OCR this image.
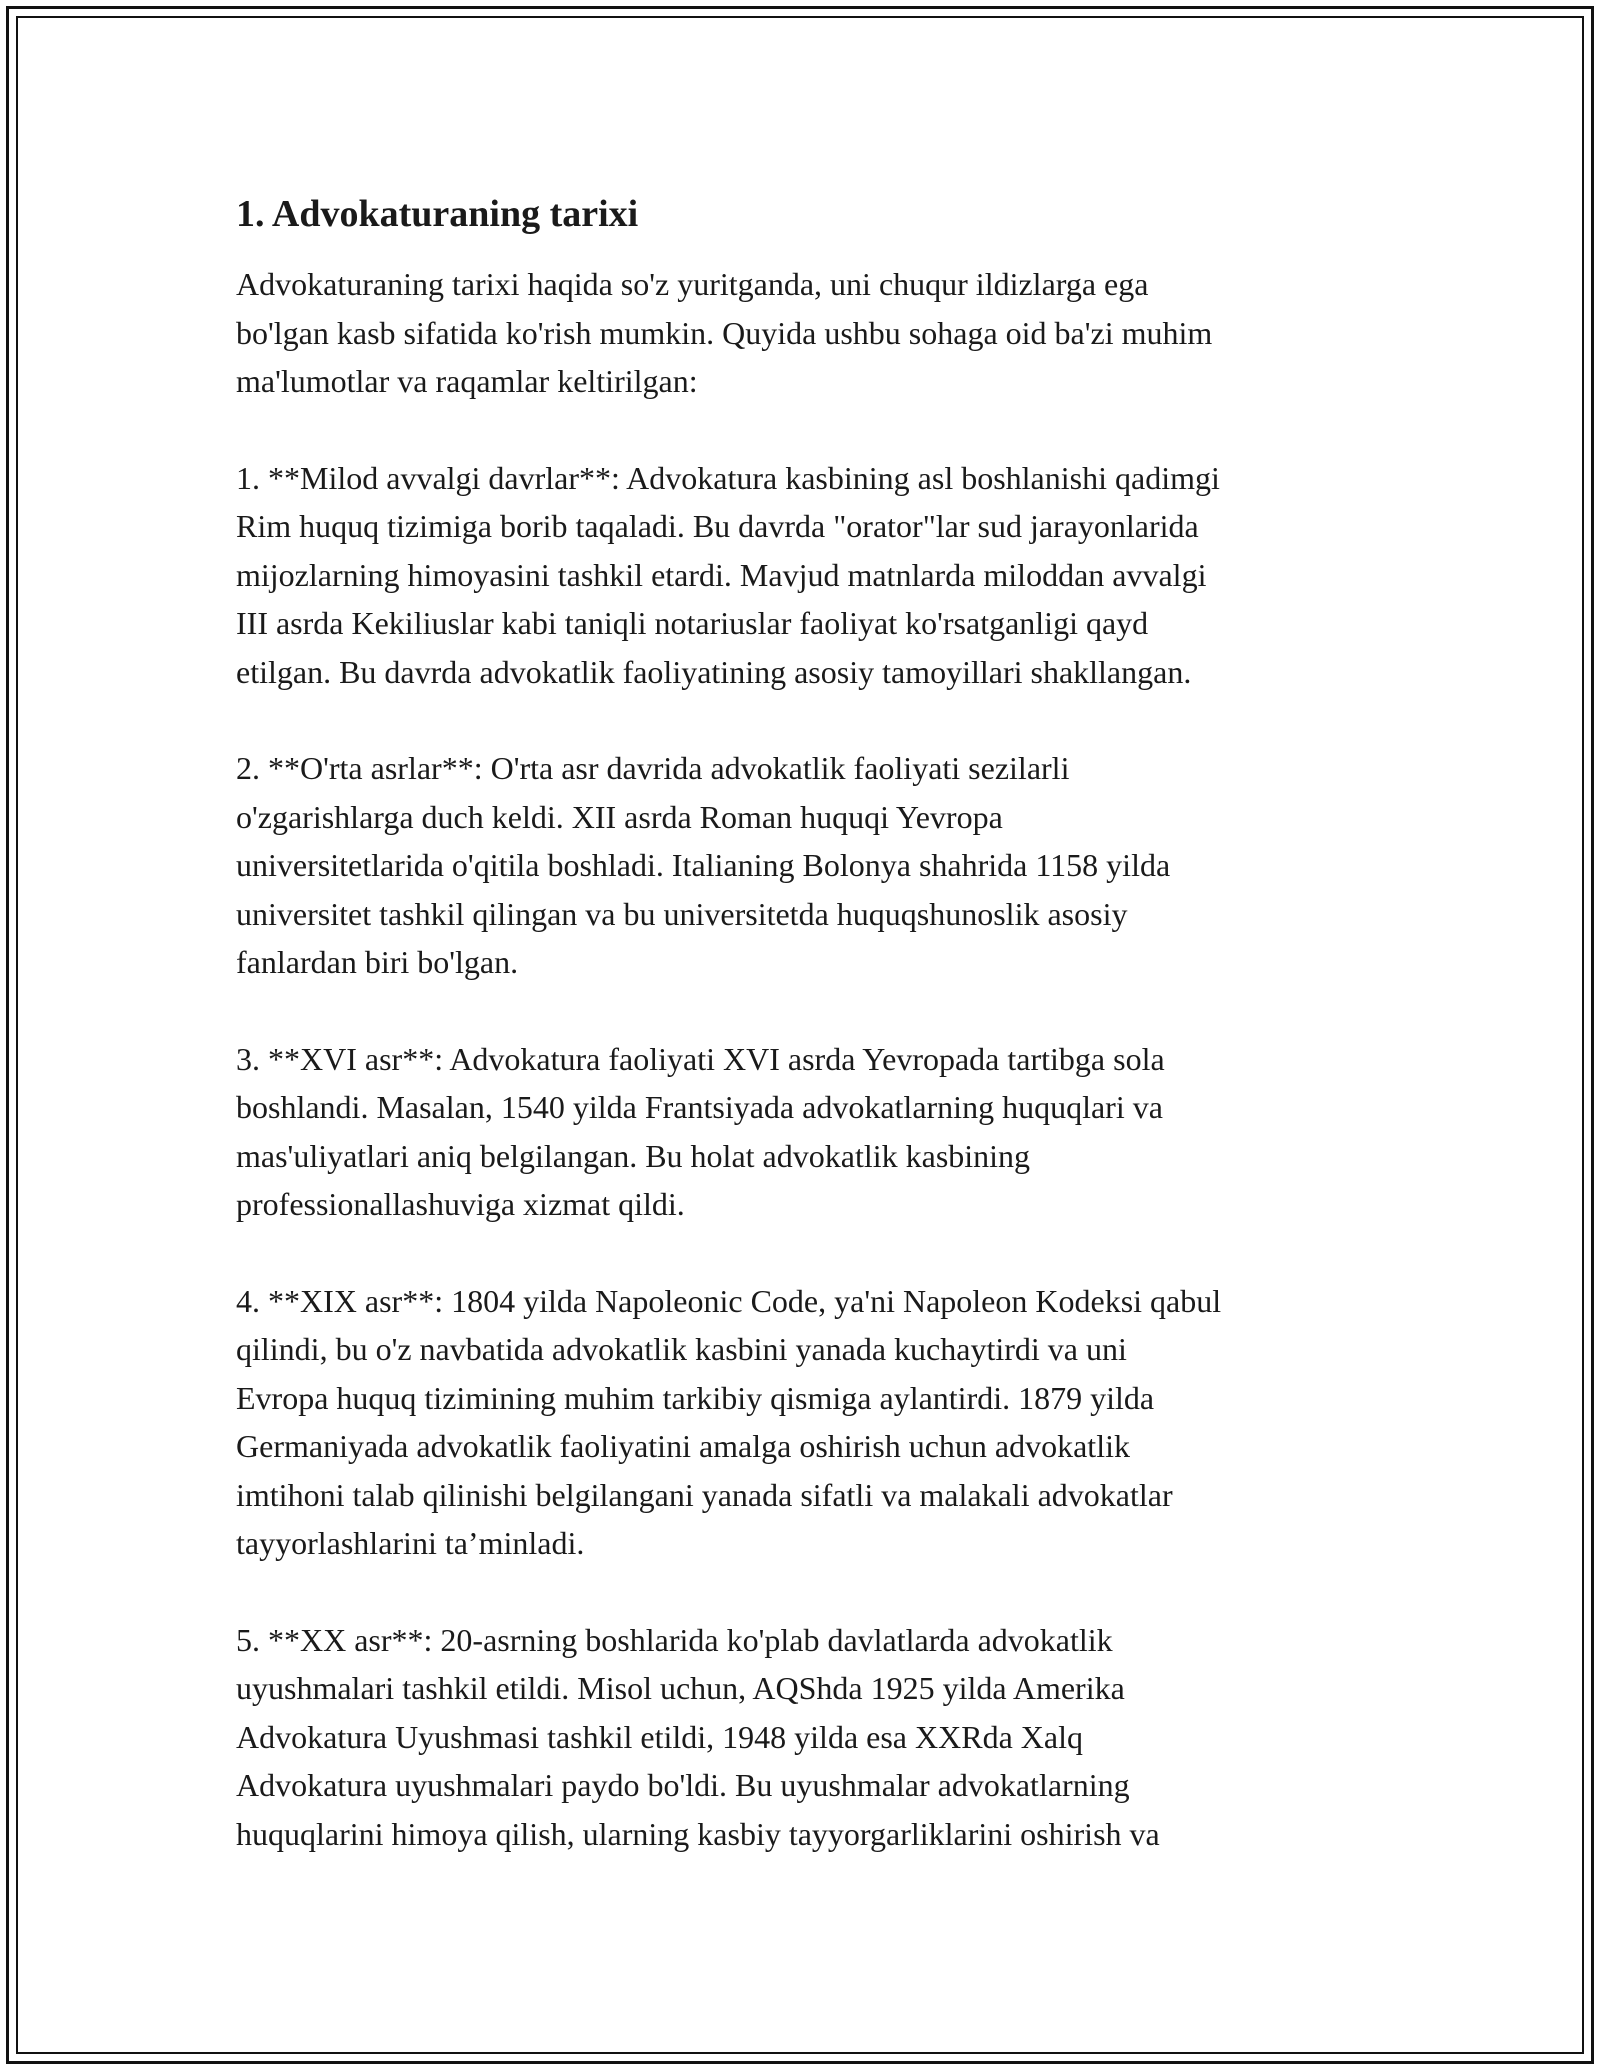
1. Advokaturaning tarixi

Advokaturaning tarixi haqida so'z yuritganda, uni chuqur ildizlarga ega
bo'lgan kasb sifatida ko'rish mumkin. Quyida ushbu sohaga oid ba'zi muhim
ma'lumotlar va raqamlar keltirilgan:

1. **Milod avvalgi davrlar**: Advokatura kasbining asl boshlanishi qadimgi
Rim huquq tizimiga borib taqaladi. Bu davrda "orator"lar sud jarayonlarida
mijozlarning himoyasini tashkil etardi. Mavjud matnlarda miloddan avvalgi
III asrda Kekiliuslar kabi taniqli notariuslar faoliyat ko'rsatganligi qayd
etilgan. Bu davrda advokatlik faoliyatining asosiy tamoyillari shakllangan.

2. **O'rta asrlar**: O'rta asr davrida advokatlik faoliyati sezilarli
o'zgarishlarga duch keldi. XII asrda Roman huquqi Yevropa
universitetlarida o'qitila boshladi. Italianing Bolonya shahrida 1158 yilda
universitet tashkil qilingan va bu universitetda huquqshunoslik asosiy
fanlardan biri bo'lgan.

3. **XVI asr**: Advokatura faoliyati XVI asrda Yevropada tartibga sola
boshlandi. Masalan, 1540 yilda Frantsiyada advokatlarning huquqlari va
mas'uliyatlari aniq belgilangan. Bu holat advokatlik kasbining
professionallashuviga xizmat qildi.

4. **XIX asr**: 1804 yilda Napoleonic Code, ya'ni Napoleon Kodeksi qabul
qilindi, bu o'z navbatida advokatlik kasbini yanada kuchaytirdi va uni
Evropa huquq tizimining muhim tarkibiy qismiga aylantirdi. 1879 yilda
Germaniyada advokatlik faoliyatini amalga oshirish uchun advokatlik
imtihoni talab qilinishi belgilangani yanada sifatli va malakali advokatlar
tayyorlashlarini ta’minladi.

5. **XX asr**: 20-asrning boshlarida ko'plab davlatlarda advokatlik
uyushmalari tashkil etildi. Misol uchun, AQShda 1925 yilda Amerika
Advokatura Uyushmasi tashkil etildi, 1948 yilda esa XXRda Xalq
Advokatura uyushmalari paydo bo'ldi. Bu uyushmalar advokatlarning
huquqlarini himoya qilish, ularning kasbiy tayyorgarliklarini oshirish va
